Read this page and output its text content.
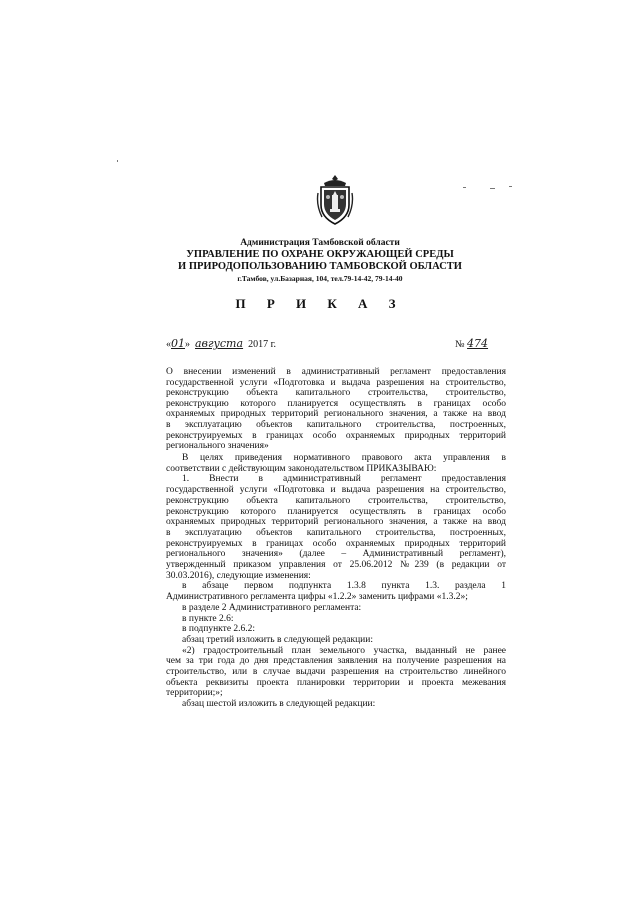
Администрация Тамбовской области
УПРАВЛЕНИЕ ПО ОХРАНЕ ОКРУЖАЮЩЕЙ СРЕДЫ
И ПРИРОДОПОЛЬЗОВАНИЮ ТАМБОВСКОЙ ОБЛАСТИ
г.Тамбов, ул.Базарная, 104, тел.79-14-42, 79-14-40
П Р И К А З
«01» августа 2017 г.	№ 474
О внесении изменений в административный регламент предоставления
государственной услуги «Подготовка и выдача разрешения на строительство,
реконструкцию объекта капитального строительства, строительство,
реконструкцию которого планируется осуществлять в границах особо
охраняемых природных территорий регионального значения, а также на ввод
в эксплуатацию объектов капитального строительства, построенных,
реконструируемых в границах особо охраняемых природных территорий
регионального значения»
В целях приведения нормативного правового акта управления в
соответствии с действующим законодательством ПРИКАЗЫВАЮ:
1. Внести в административный регламент предоставления
государственной услуги «Подготовка и выдача разрешения на строительство,
реконструкцию объекта капитального строительства, строительство,
реконструкцию которого планируется осуществлять в границах особо
охраняемых природных территорий регионального значения, а также на ввод
в эксплуатацию объектов капитального строительства, построенных,
реконструируемых в границах особо охраняемых природных территорий
регионального значения» (далее – Административный регламент),
утвержденный приказом управления от 25.06.2012 №239 (в редакции от
30.03.2016), следующие изменения:
в абзаце первом подпункта 1.3.8 пункта 1.3. раздела 1
Административного регламента цифры «1.2.2» заменить цифрами «1.3.2»;
в разделе 2 Административного регламента:
в пункте 2.6:
в подпункте 2.6.2:
абзац третий изложить в следующей редакции:
«2) градостроительный план земельного участка, выданный не ранее
чем за три года до дня представления заявления на получение разрешения на
строительство, или в случае выдачи разрешения на строительство линейного
объекта реквизиты проекта планировки территории и проекта межевания
территории;»;
абзац шестой изложить в следующей редакции:
